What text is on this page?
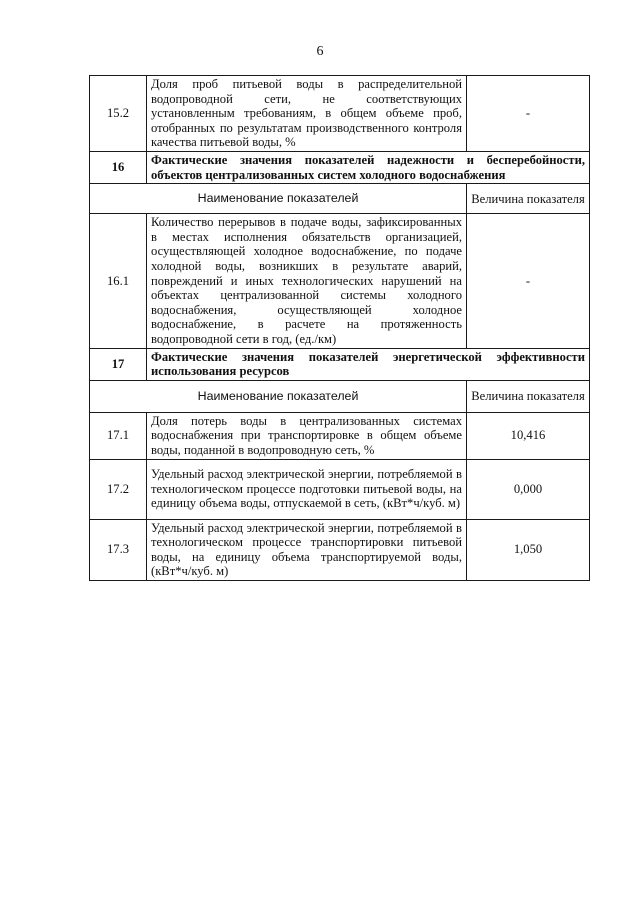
6
15.2	Доля проб питьевой воды в распределительной водопроводной сети, не соответствующих установленным требованиям, в общем объеме проб, отобранных по результатам производственного контроля качества питьевой воды, %	-
16	Фактические значения показателей надежности и бесперебойности, объектов централизованных систем холодного водоснабжения	
Наименование показателей		Величина показателя
16.1	Количество перерывов в подаче воды, зафиксированных в местах исполнения обязательств организацией, осуществляющей холодное водоснабжение, по подаче холодной воды, возникших в результате аварий, повреждений и иных технологических нарушений на объектах централизованной системы холодного водоснабжения, осуществляющей холодное водоснабжение, в расчете на протяженность водопроводной сети в год, (ед./км)	-
17	Фактические значения показателей энергетической эффективности использования ресурсов	
Наименование показателей		Величина показателя
17.1	Доля потерь воды в централизованных системах водоснабжения при транспортировке в общем объеме воды, поданной в водопроводную сеть, %	10,416
17.2	Удельный расход электрической энергии, потребляемой в технологическом процессе подготовки питьевой воды, на единицу объема воды, отпускаемой в сеть, (кВт*ч/куб. м)	0,000
17.3	Удельный расход электрической энергии, потребляемой в технологическом процессе транспортировки питьевой воды, на единицу объема транспортируемой воды, (кВт*ч/куб. м)	1,050
